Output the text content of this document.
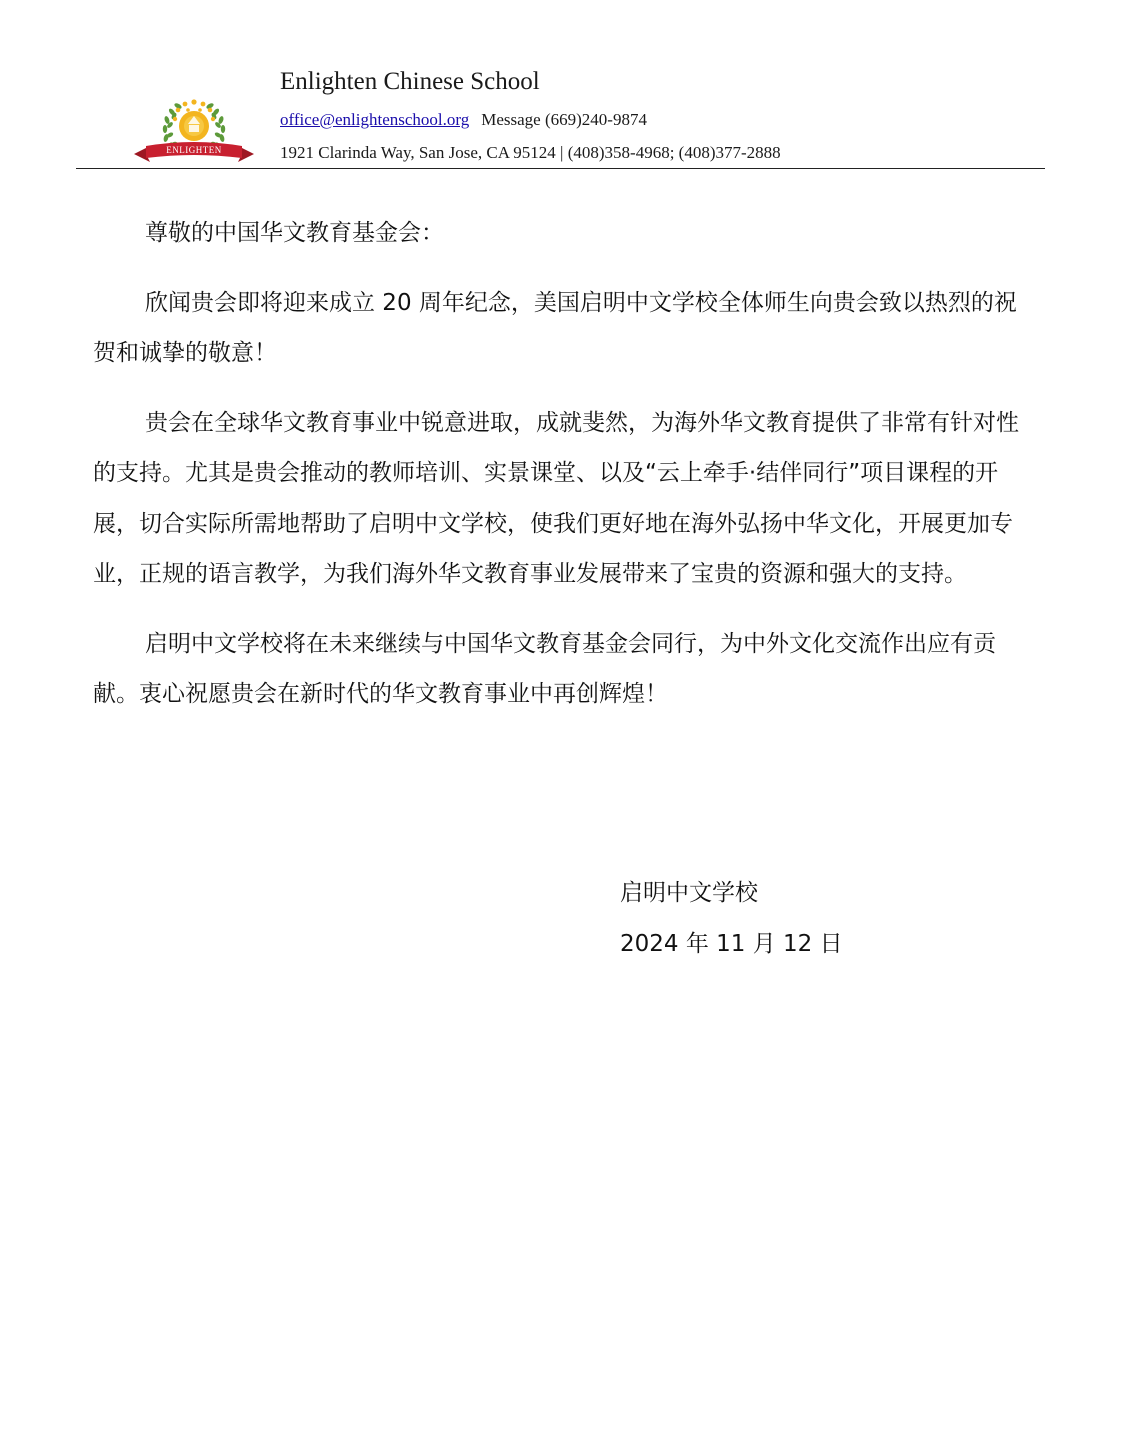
ENLIGHTEN
Enlighten Chinese School
office@enlightenschool.org Message (669)240-9874
1921 Clarinda Way, San Jose, CA 95124 | (408)358-4968; (408)377-2888

尊敬的中国华文教育基金会：

欣闻贵会即将迎来成立 20 周年纪念，美国启明中文学校全体师生向贵会致以热烈的祝贺和诚挚的敬意！

贵会在全球华文教育事业中锐意进取，成就斐然，为海外华文教育提供了非常有针对性的支持。尤其是贵会推动的教师培训、实景课堂、以及“云上牵手·结伴同行”项目课程的开展，切合实际所需地帮助了启明中文学校，使我们更好地在海外弘扬中华文化，开展更加专业，正规的语言教学，为我们海外华文教育事业发展带来了宝贵的资源和强大的支持。

启明中文学校将在未来继续与中国华文教育基金会同行，为中外文化交流作出应有贡献。衷心祝愿贵会在新时代的华文教育事业中再创辉煌！

启明中文学校
2024 年 11 月 12 日
